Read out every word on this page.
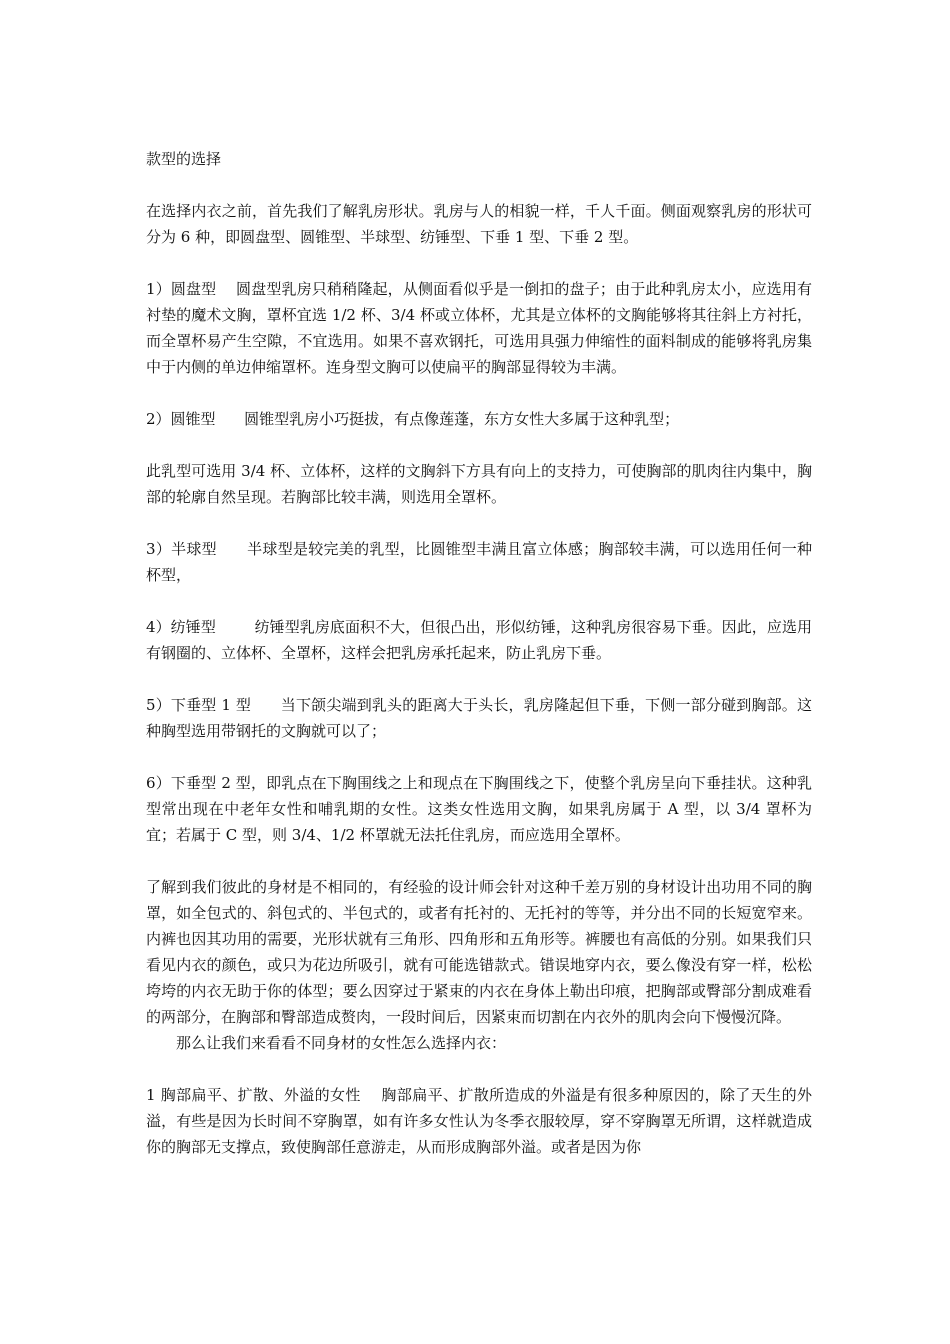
款型的选择

在选择内衣之前，首先我们了解乳房形状。乳房与人的相貌一样，千人千面。侧面观察乳房的形状可分为 6 种，即圆盘型、圆锥型、半球型、纺锤型、下垂 1 型、下垂 2 型。

1）圆盘型    圆盘型乳房只稍稍隆起，从侧面看似乎是一倒扣的盘子；由于此种乳房太小，应选用有衬垫的魔术文胸，罩杯宜选 1/2 杯、3/4 杯或立体杯，尤其是立体杯的文胸能够将其往斜上方衬托，而全罩杯易产生空隙，不宜选用。如果不喜欢钢托，可选用具强力伸缩性的面料制成的能够将乳房集中于内侧的单边伸缩罩杯。连身型文胸可以使扁平的胸部显得较为丰满。

2）圆锥型      圆锥型乳房小巧挺拔，有点像莲蓬，东方女性大多属于这种乳型；

此乳型可选用 3/4 杯、立体杯，这样的文胸斜下方具有向上的支持力，可使胸部的肌肉往内集中，胸部的轮廓自然呈现。若胸部比较丰满，则选用全罩杯。

3）半球型      半球型是较完美的乳型，比圆锥型丰满且富立体感；胸部较丰满，可以选用任何一种杯型，

4）纺锤型        纺锤型乳房底面积不大，但很凸出，形似纺锤，这种乳房很容易下垂。因此，应选用有钢圈的、立体杯、全罩杯，这样会把乳房承托起来，防止乳房下垂。

5）下垂型 1 型      当下颌尖端到乳头的距离大于头长，乳房隆起但下垂，下侧一部分碰到胸部。这种胸型选用带钢托的文胸就可以了；

6）下垂型 2 型，即乳点在下胸围线之上和现点在下胸围线之下，使整个乳房呈向下垂挂状。这种乳型常出现在中老年女性和哺乳期的女性。这类女性选用文胸，如果乳房属于 A 型，以 3/4 罩杯为宜；若属于 C 型，则 3/4、1/2 杯罩就无法托住乳房，而应选用全罩杯。

了解到我们彼此的身材是不相同的，有经验的设计师会针对这种千差万别的身材设计出功用不同的胸罩，如全包式的、斜包式的、半包式的，或者有托衬的、无托衬的等等，并分出不同的长短宽窄来。内裤也因其功用的需要，光形状就有三角形、四角形和五角形等。裤腰也有高低的分别。如果我们只看见内衣的颜色，或只为花边所吸引，就有可能选错款式。错误地穿内衣，要么像没有穿一样，松松垮垮的内衣无助于你的体型；要么因穿过于紧束的内衣在身体上勒出印痕，把胸部或臀部分割成难看的两部分，在胸部和臀部造成赘肉，一段时间后，因紧束而切割在内衣外的肌肉会向下慢慢沉降。

那么让我们来看看不同身材的女性怎么选择内衣：

1 胸部扁平、扩散、外溢的女性    胸部扁平、扩散所造成的外溢是有很多种原因的，除了天生的外溢，有些是因为长时间不穿胸罩，如有许多女性认为冬季衣服较厚，穿不穿胸罩无所谓，这样就造成你的胸部无支撑点，致使胸部任意游走，从而形成胸部外溢。或者是因为你
